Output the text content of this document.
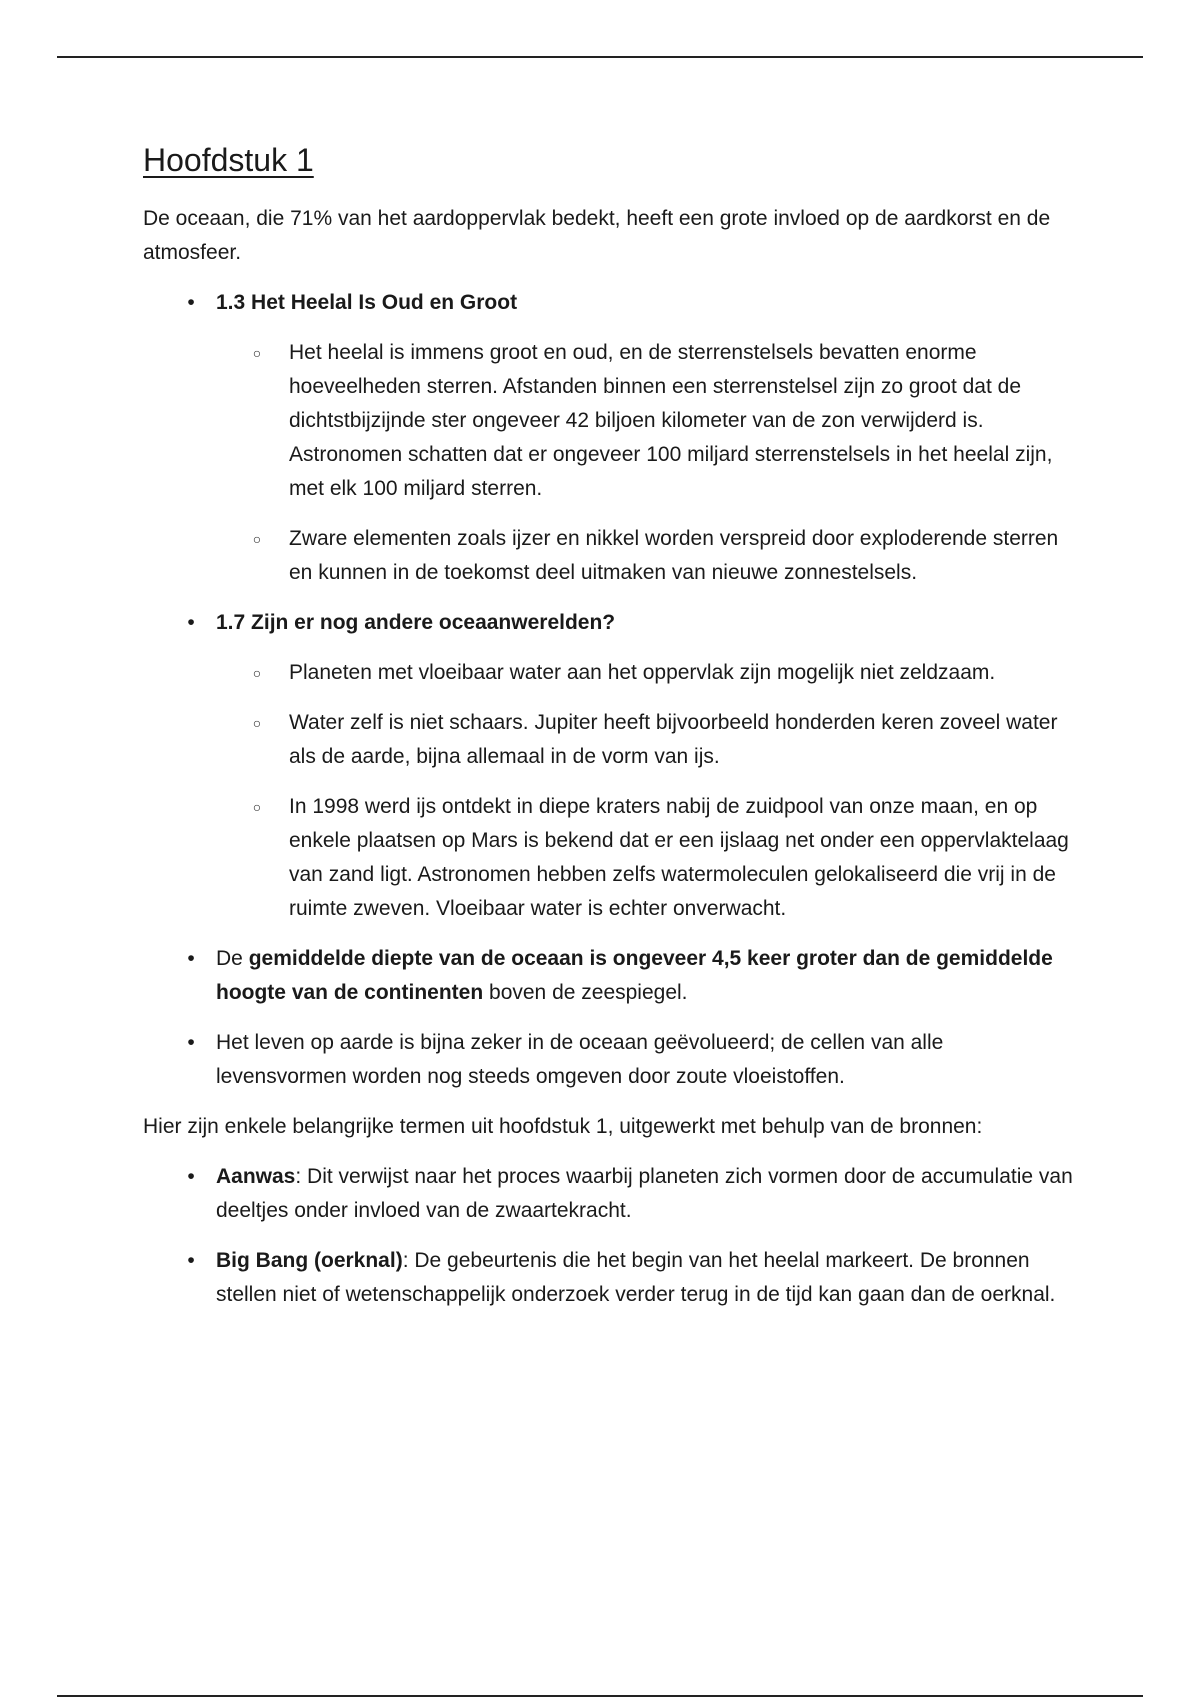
Hoofdstuk 1

De oceaan, die 71% van het aardoppervlak bedekt, heeft een grote invloed op de aardkorst en de atmosfeer.

•	1.3 Het Heelal Is Oud en Groot
○ Het heelal is immens groot en oud, en de sterrenstelsels bevatten enorme hoeveelheden sterren. Afstanden binnen een sterrenstelsel zijn zo groot dat de dichtstbijzijnde ster ongeveer 42 biljoen kilometer van de zon verwijderd is. Astronomen schatten dat er ongeveer 100 miljard sterrenstelsels in het heelal zijn, met elk 100 miljard sterren.
○ Zware elementen zoals ijzer en nikkel worden verspreid door exploderende sterren en kunnen in de toekomst deel uitmaken van nieuwe zonnestelsels.
•	1.7 Zijn er nog andere oceaanwerelden?
○ Planeten met vloeibaar water aan het oppervlak zijn mogelijk niet zeldzaam.
○ Water zelf is niet schaars. Jupiter heeft bijvoorbeeld honderden keren zoveel water als de aarde, bijna allemaal in de vorm van ijs.
○ In 1998 werd ijs ontdekt in diepe kraters nabij de zuidpool van onze maan, en op enkele plaatsen op Mars is bekend dat er een ijslaag net onder een oppervlaktelaag van zand ligt. Astronomen hebben zelfs watermoleculen gelokaliseerd die vrij in de ruimte zweven. Vloeibaar water is echter onverwacht.
•	De gemiddelde diepte van de oceaan is ongeveer 4,5 keer groter dan de gemiddelde hoogte van de continenten boven de zeespiegel.
•	Het leven op aarde is bijna zeker in de oceaan geëvolueerd; de cellen van alle levensvormen worden nog steeds omgeven door zoute vloeistoffen.

Hier zijn enkele belangrijke termen uit hoofdstuk 1, uitgewerkt met behulp van de bronnen:

•	Aanwas: Dit verwijst naar het proces waarbij planeten zich vormen door de accumulatie van deeltjes onder invloed van de zwaartekracht.
•	Big Bang (oerknal): De gebeurtenis die het begin van het heelal markeert. De bronnen stellen niet of wetenschappelijk onderzoek verder terug in de tijd kan gaan dan de oerknal.
